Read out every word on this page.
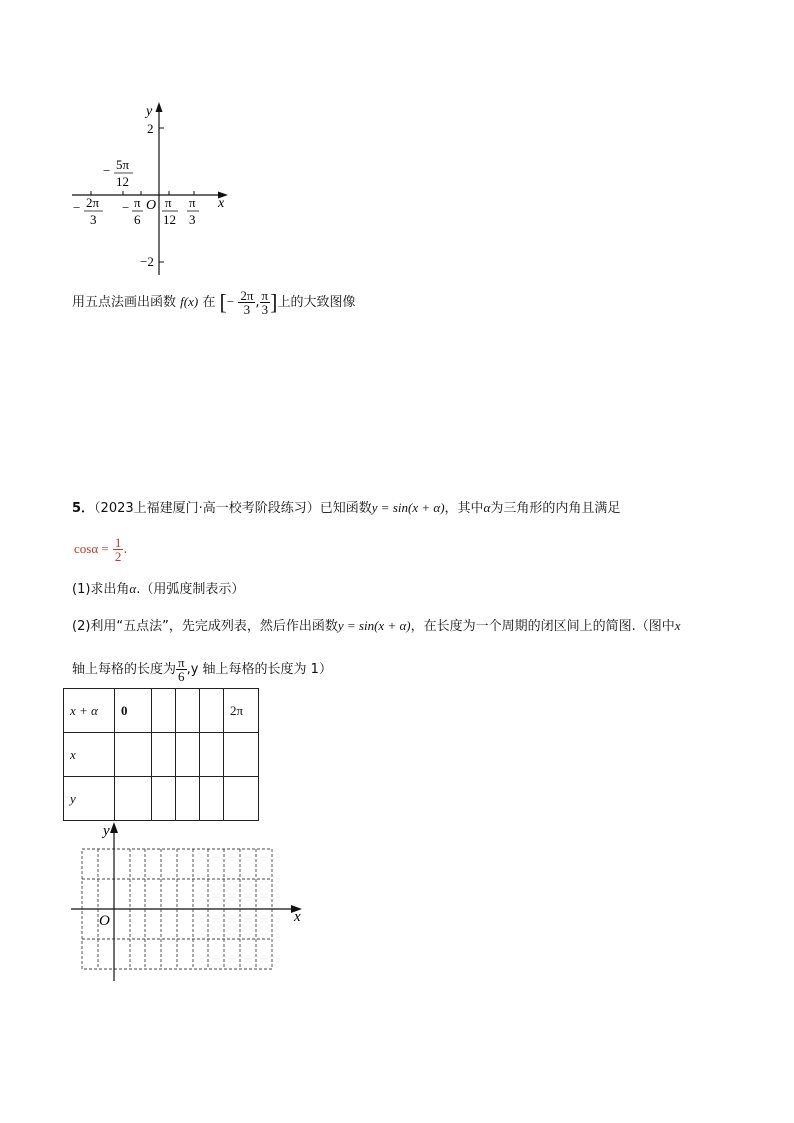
y
x
O
2
−2
− 5π
12
− 2π
3
− π
6
π
12
π
3
用五点法画出函数 f(x) 在 [− $\frac{2\pi}{3}$ , $\frac{\pi}{3}$ ]上的大致图像
5．（2023上福建厦门·高一校考阶段练习）已知函数y = sin(x + α)，其中α为三角形的内角且满足
$\cos\alpha = \frac{1}{2}$ .
(1)求出角α.（用弧度制表示）
(2)利用“五点法”，先完成列表，然后作出函数y = sin(x + α)，在长度为一个周期的闭区间上的简图.（图中x
轴上每格的长度为 $\frac{\pi}{6} ,y$ 轴上每格的长度为 1）
x + α	0				2π
x					
y					
y
x
O
